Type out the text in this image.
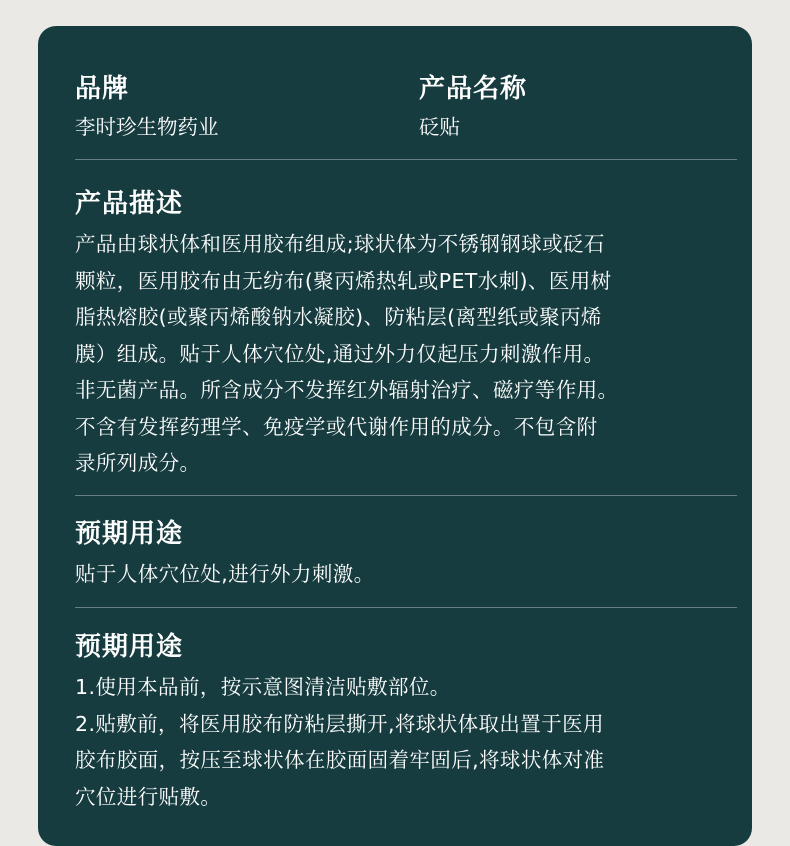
品牌
李时珍生物药业
产品名称
砭贴
产品描述
产品由球状体和医用胶布组成;球状体为不锈钢钢球或砭石
颗粒，医用胶布由无纺布(聚丙烯热轧或PET水刺)、医用树
脂热熔胶(或聚丙烯酸钠水凝胶)、防粘层(离型纸或聚丙烯
膜）组成。贴于人体穴位处,通过外力仅起压力刺激作用。
非无菌产品。所含成分不发挥红外辐射治疗、磁疗等作用。
不含有发挥药理学、免疫学或代谢作用的成分。不包含附
录所列成分。
预期用途
贴于人体穴位处,进行外力刺激。
预期用途
1.使用本品前，按示意图清洁贴敷部位。
2.贴敷前，将医用胶布防粘层撕开,将球状体取出置于医用
胶布胶面，按压至球状体在胶面固着牢固后,将球状体对准
穴位进行贴敷。
